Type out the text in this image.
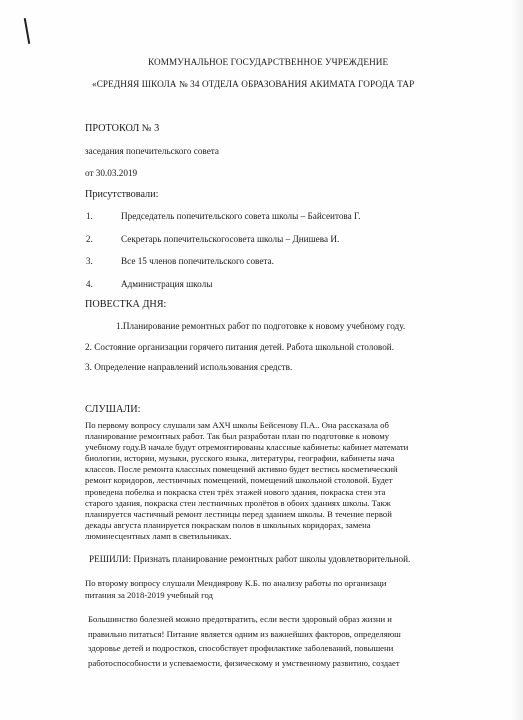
КОММУНАЛЬНОЕ ГОСУДАРСТВЕННОЕ УЧРЕЖДЕНИЕ
«СРЕДНЯЯ ШКОЛА № 34 ОТДЕЛА ОБРАЗОВАНИЯ АКИМАТА ГОРОДА ТАР
ПРОТОКОЛ № 3
заседания попечительского совета
от 30.03.2019
Присутствовали:
1.	Председатель попечительского совета школы – Байсеитова Г.
2.	Секретарь попечительскогосовета школы – Днишева И.
3.	Все 15 членов попечительского совета.
4.	Администрация школы
ПОВЕСТКА ДНЯ:
1.Планирование ремонтных работ по подготовке к новому учебному году.
2. Состояние организации горячего питания детей. Работа школьной столовой.
3. Определение направлений использования средств.
СЛУШАЛИ:
По первому вопросу слушали зам АХЧ школы Бейсенову П.А.. Она рассказала об
планирование ремонтных работ. Так был разработан план по подготовке к новому
учебному году.В начале будут отремонтированы классные кабинеты: кабинет математи
биологии, истории, музыки, русского языка, литературы, географии, кабинеты нача
классов. После ремонта классных помещений активно будет вестись косметический
ремонт коридоров, лестничных помещений, помещений школьной столовой. Будет
проведена побелка и покраска стен трёх этажей нового здания, покраска стен эта
старого здания, покраска стен лестничных пролётов в обоих зданиях школы. Такж
планируется частичный ремонт лестницы перед зданием школы. В течение первой
декады августа планируется покраскам полов в школьных коридорах, замена
люминесцентных ламп в светильниках.
РЕШИЛИ: Признать планирование ремонтных работ школы удовлетворительной.
По второму вопросу слушали Мендиярову К.Б. по анализу работы по организаци
питания за 2018-2019 учебный год
Большинство болезней можно предотвратить, если вести здоровый образ жизни и
правильно питаться! Питание является одним из важнейших факторов, определяюш
здоровье детей и подростков, способствует профилактике заболеваний, повышени
работоспособности и успеваемости, физическому и умственному развитию, создает
